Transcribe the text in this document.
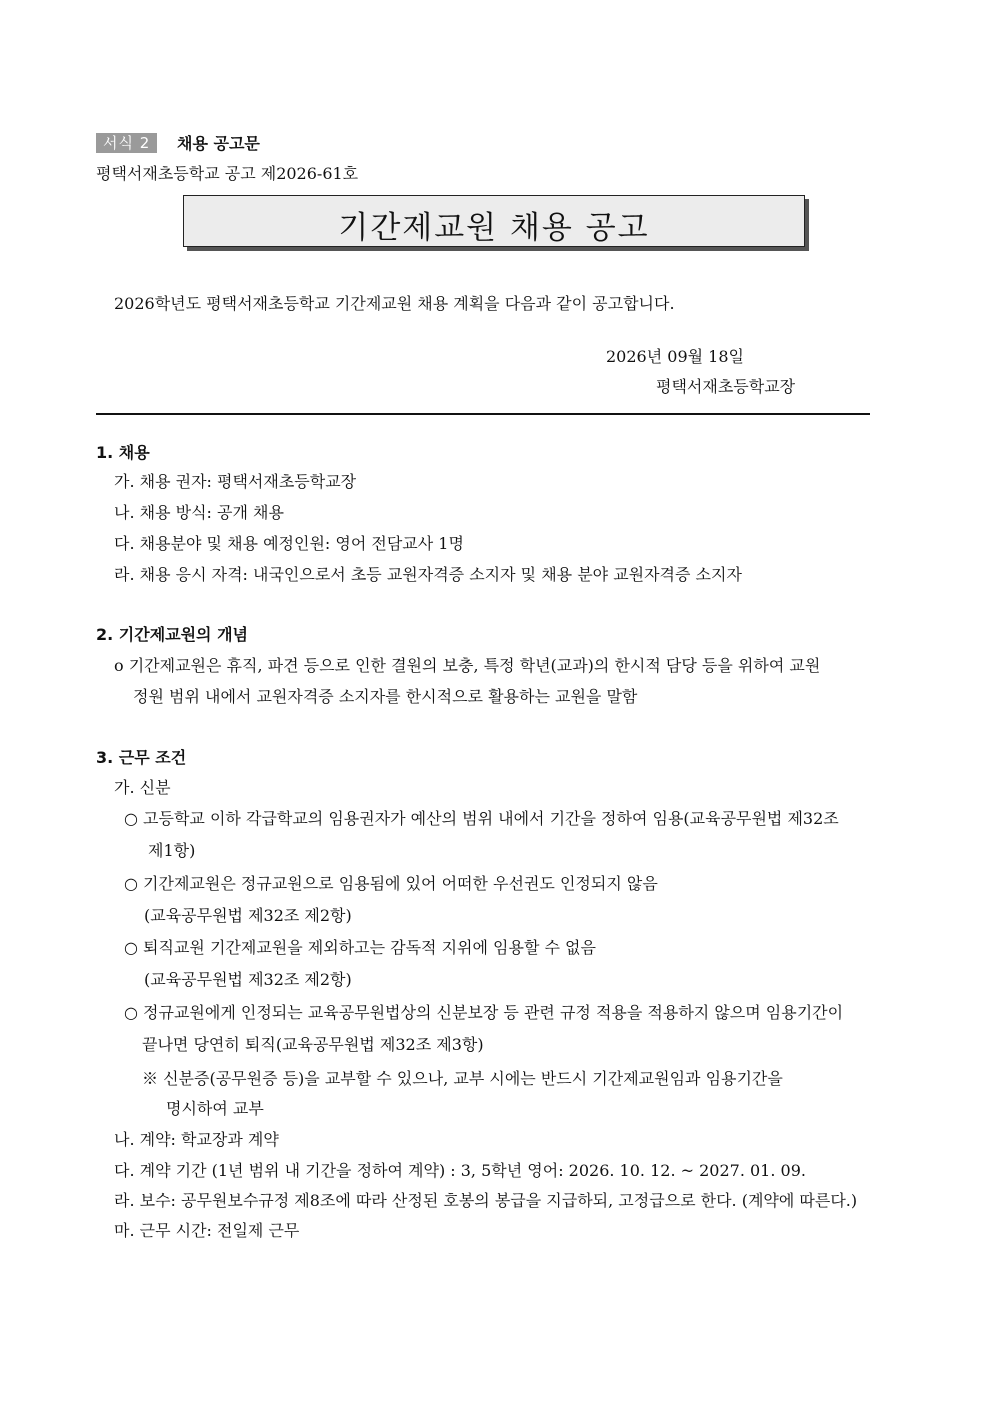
서식 2	채용 공고문
평택서재초등학교 공고 제2026-61호
기간제교원 채용 공고
2026학년도 평택서재초등학교 기간제교원 채용 계획을 다음과 같이 공고합니다.
2026년 09월 18일
평택서재초등학교장
1. 채용
가. 채용 권자: 평택서재초등학교장
나. 채용 방식: 공개 채용
다. 채용분야 및 채용 예정인원: 영어 전담교사 1명
라. 채용 응시 자격: 내국인으로서 초등 교원자격증 소지자 및 채용 분야 교원자격증 소지자
2. 기간제교원의 개념
o 기간제교원은 휴직, 파견 등으로 인한 결원의 보충, 특정 학년(교과)의 한시적 담당 등을 위하여 교원
정원 범위 내에서 교원자격증 소지자를 한시적으로 활용하는 교원을 말함
3. 근무 조건
가. 신분
○ 고등학교 이하 각급학교의 임용권자가 예산의 범위 내에서 기간을 정하여 임용(교육공무원법 제32조
제1항)
○ 기간제교원은 정규교원으로 임용됨에 있어 어떠한 우선권도 인정되지 않음
(교육공무원법 제32조 제2항)
○ 퇴직교원 기간제교원을 제외하고는 감독적 지위에 임용할 수 없음
(교육공무원법 제32조 제2항)
○ 정규교원에게 인정되는 교육공무원법상의 신분보장 등 관련 규정 적용을 적용하지 않으며 임용기간이
끝나면 당연히 퇴직(교육공무원법 제32조 제3항)
※ 신분증(공무원증 등)을 교부할 수 있으나, 교부 시에는 반드시 기간제교원임과 임용기간을
명시하여 교부
나. 계약: 학교장과 계약
다. 계약 기간 (1년 범위 내 기간을 정하여 계약) : 3, 5학년 영어: 2026. 10. 12. ~ 2027. 01. 09.
라. 보수: 공무원보수규정 제8조에 따라 산정된 호봉의 봉급을 지급하되, 고정급으로 한다. (계약에 따른다.)
마. 근무 시간: 전일제 근무
